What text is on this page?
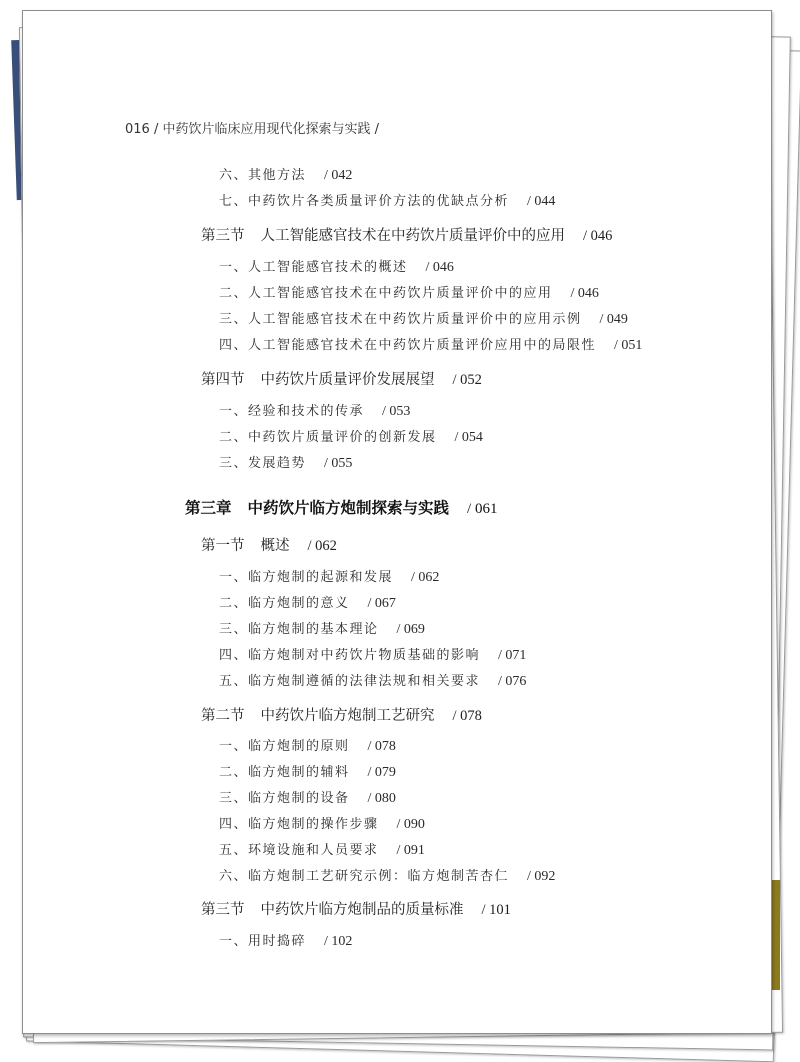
016 / 中药饮片临床应用现代化探索与实践 /
六、其他方法 / 042
七、中药饮片各类质量评价方法的优缺点分析 / 044
第三节 人工智能感官技术在中药饮片质量评价中的应用 / 046
一、人工智能感官技术的概述 / 046
二、人工智能感官技术在中药饮片质量评价中的应用 / 046
三、人工智能感官技术在中药饮片质量评价中的应用示例 / 049
四、人工智能感官技术在中药饮片质量评价应用中的局限性 / 051
第四节 中药饮片质量评价发展展望 / 052
一、经验和技术的传承 / 053
二、中药饮片质量评价的创新发展 / 054
三、发展趋势 / 055
第三章 中药饮片临方炮制探索与实践 / 061
第一节 概述 / 062
一、临方炮制的起源和发展 / 062
二、临方炮制的意义 / 067
三、临方炮制的基本理论 / 069
四、临方炮制对中药饮片物质基础的影响 / 071
五、临方炮制遵循的法律法规和相关要求 / 076
第二节 中药饮片临方炮制工艺研究 / 078
一、临方炮制的原则 / 078
二、临方炮制的辅料 / 079
三、临方炮制的设备 / 080
四、临方炮制的操作步骤 / 090
五、环境设施和人员要求 / 091
六、临方炮制工艺研究示例：临方炮制苦杏仁 / 092
第三节 中药饮片临方炮制品的质量标准 / 101
一、用时捣碎 / 102
